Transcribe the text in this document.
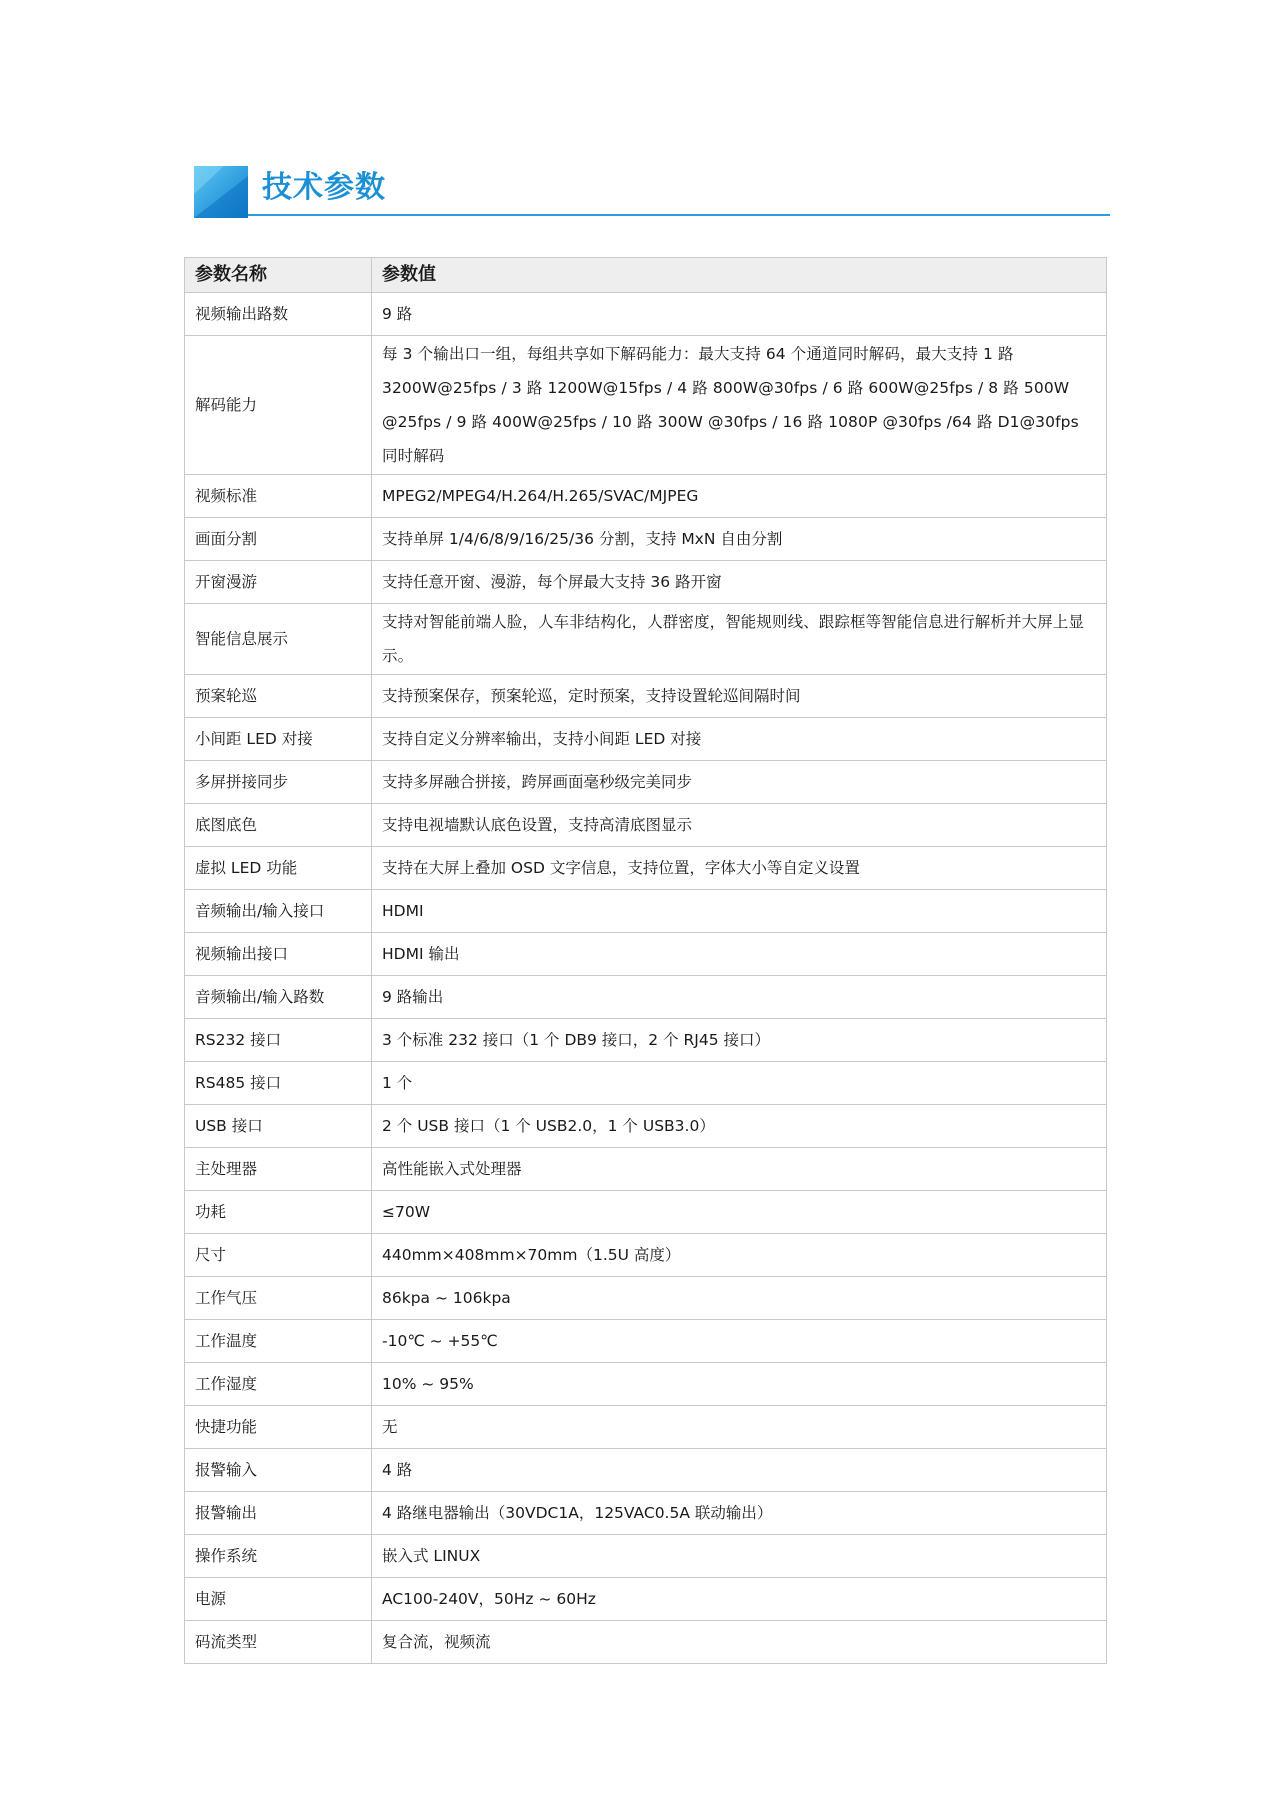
技术参数
参数名称	参数值
视频输出路数	9 路
解码能力	每 3 个输出口一组，每组共享如下解码能力：最大支持 64 个通道同时解码，最大支持 1 路 3200W@25fps / 3 路 1200W@15fps / 4 路 800W@30fps / 6 路 600W@25fps / 8 路 500W @25fps / 9 路 400W@25fps / 10 路 300W @30fps / 16 路 1080P @30fps /64 路 D1@30fps 同时解码
视频标准	MPEG2/MPEG4/H.264/H.265/SVAC/MJPEG
画面分割	支持单屏 1/4/6/8/9/16/25/36 分割，支持 MxN 自由分割
开窗漫游	支持任意开窗、漫游，每个屏最大支持 36 路开窗
智能信息展示	支持对智能前端人脸，人车非结构化，人群密度，智能规则线、跟踪框等智能信息进行解析并大屏上显示。
预案轮巡	支持预案保存，预案轮巡，定时预案，支持设置轮巡间隔时间
小间距 LED 对接	支持自定义分辨率输出，支持小间距 LED 对接
多屏拼接同步	支持多屏融合拼接，跨屏画面毫秒级完美同步
底图底色	支持电视墙默认底色设置，支持高清底图显示
虚拟 LED 功能	支持在大屏上叠加 OSD 文字信息，支持位置，字体大小等自定义设置
音频输出/输入接口	HDMI
视频输出接口	HDMI 输出
音频输出/输入路数	9 路输出
RS232 接口	3 个标准 232 接口（1 个 DB9 接口，2 个 RJ45 接口）
RS485 接口	1 个
USB 接口	2 个 USB 接口（1 个 USB2.0，1 个 USB3.0）
主处理器	高性能嵌入式处理器
功耗	≤70W
尺寸	440mm×408mm×70mm（1.5U 高度）
工作气压	86kpa ~ 106kpa
工作温度	-10℃ ~ +55℃
工作湿度	10% ~ 95%
快捷功能	无
报警输入	4 路
报警输出	4 路继电器输出（30VDC1A，125VAC0.5A 联动输出）
操作系统	嵌入式 LINUX
电源	AC100-240V，50Hz ~ 60Hz
码流类型	复合流，视频流
